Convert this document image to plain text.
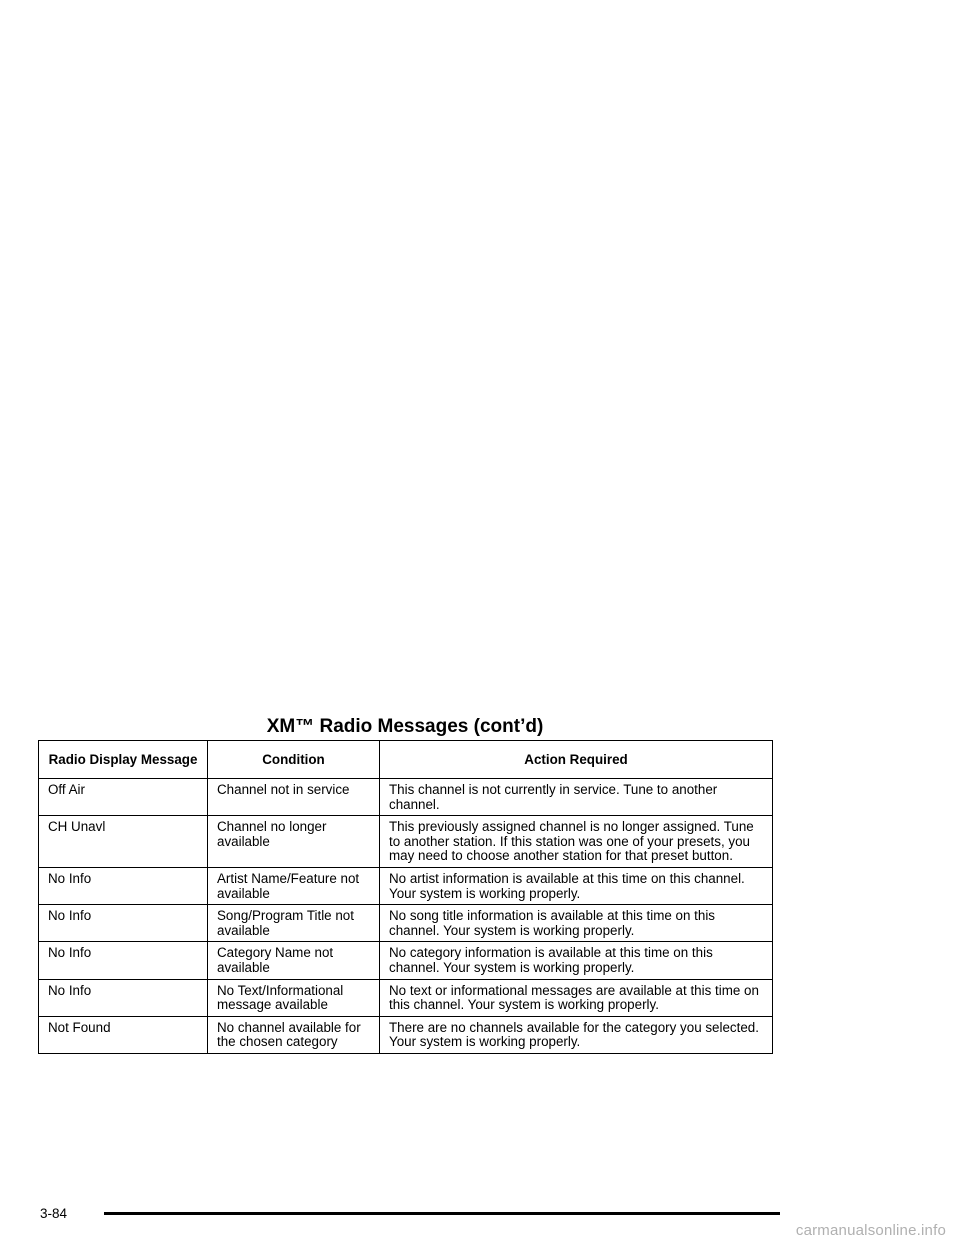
XM™ Radio Messages (cont’d)
Radio Display Message	Condition	Action Required
Off Air	Channel not in service	This channel is not currently in service. Tune to another channel.
CH Unavl	Channel no longer available	This previously assigned channel is no longer assigned. Tune to another station. If this station was one of your presets, you may need to choose another station for that preset button.
No Info	Artist Name/Feature not available	No artist information is available at this time on this channel. Your system is working properly.
No Info	Song/Program Title not available	No song title information is available at this time on this channel. Your system is working properly.
No Info	Category Name not available	No category information is available at this time on this channel. Your system is working properly.
No Info	No Text/Informational message available	No text or informational messages are available at this time on this channel. Your system is working properly.
Not Found	No channel available for the chosen category	There are no channels available for the category you selected. Your system is working properly.
3-84
carmanualsonline.info
